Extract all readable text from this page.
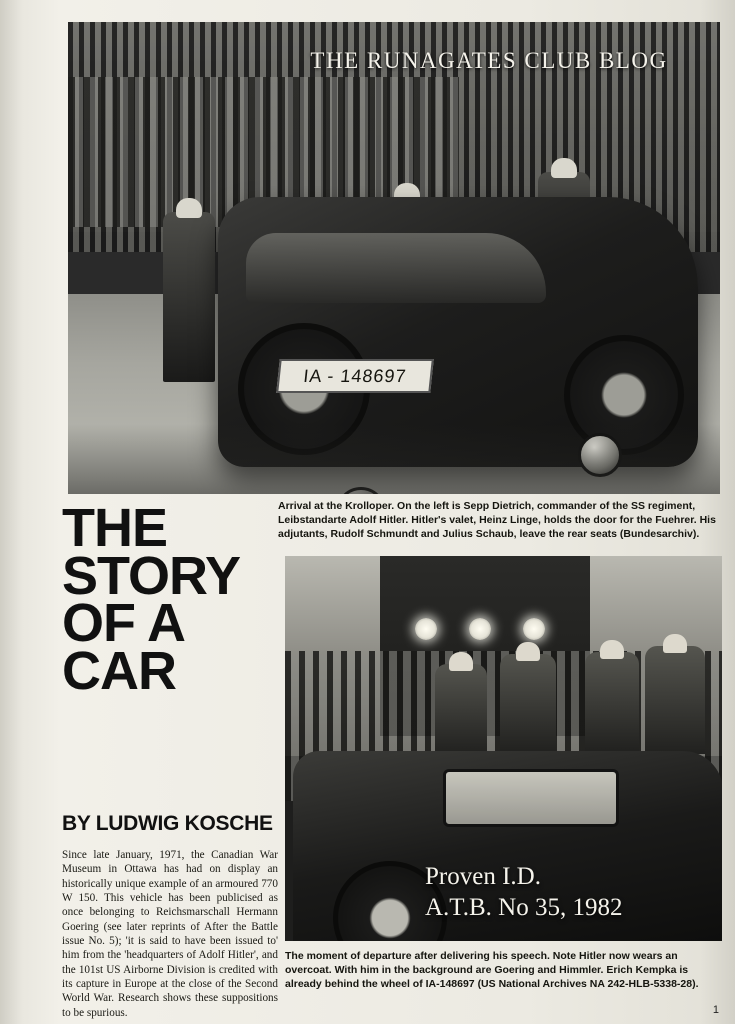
IA - 148697
THE RUNAGATES CLUB BLOG
Arrival at the Krolloper. On the left is Sepp Dietrich, commander of the SS regiment, Leibstandarte Adolf Hitler. Hitler's valet, Heinz Linge, holds the door for the Fuehrer. His adjutants, Rudolf Schmundt and Julius Schaub, leave the rear seats (Bundesarchiv).
THE
STORY
OF A
CAR
BY LUDWIG KOSCHE
Since late January, 1971, the Canadian War Museum in Ottawa has had on display an historically unique example of an armoured 770 W 150. This vehicle has been publicised as once belonging to Reichsmarschall Hermann Goering (see later reprints of After the Battle issue No. 5); 'it is said to have been issued to' him from the 'headquarters of Adolf Hitler', and the 101st US Airborne Division is credited with its capture in Europe at the close of the Second World War. Research shows these suppositions to be spurious.
Proven I.D.
A.T.B. No 35, 1982
The moment of departure after delivering his speech. Note Hitler now wears an overcoat. With him in the background are Goering and Himmler. Erich Kempka is already behind the wheel of IA-148697 (US National Archives NA 242-HLB-5338-28).
1
